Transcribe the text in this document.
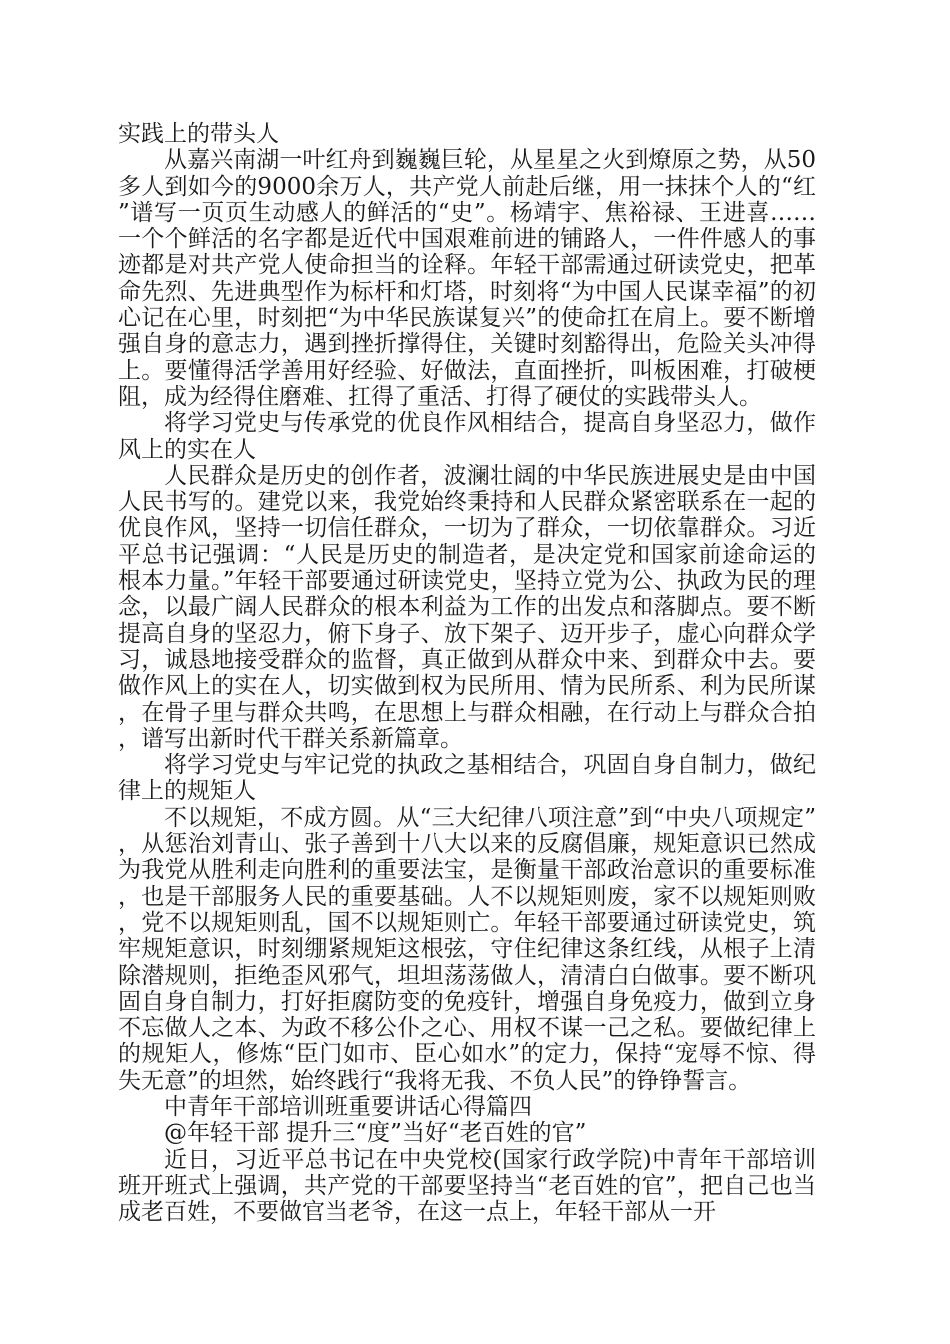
实践上的带头人

从嘉兴南湖一叶红舟到巍巍巨轮，从星星之火到燎原之势，从50多人到如今的9000余万人，共产党人前赴后继，用一抹抹个人的“红”谱写一页页生动感人的鲜活的“史”。杨靖宇、焦裕禄、王进喜……一个个鲜活的名字都是近代中国艰难前进的铺路人，一件件感人的事迹都是对共产党人使命担当的诠释。年轻干部需通过研读党史，把革命先烈、先进典型作为标杆和灯塔，时刻将“为中国人民谋幸福”的初心记在心里，时刻把“为中华民族谋复兴”的使命扛在肩上。要不断增强自身的意志力，遇到挫折撑得住，关键时刻豁得出，危险关头冲得上。要懂得活学善用好经验、好做法，直面挫折，叫板困难，打破梗阻，成为经得住磨难、扛得了重活、打得了硬仗的实践带头人。

将学习党史与传承党的优良作风相结合，提高自身坚忍力，做作风上的实在人

人民群众是历史的创作者，波澜壮阔的中华民族进展史是由中国人民书写的。建党以来，我党始终秉持和人民群众紧密联系在一起的优良作风，坚持一切信任群众，一切为了群众，一切依靠群众。习近平总书记强调：“人民是历史的制造者，是决定党和国家前途命运的根本力量。”年轻干部要通过研读党史，坚持立党为公、执政为民的理念，以最广阔人民群众的根本利益为工作的出发点和落脚点。要不断提高自身的坚忍力，俯下身子、放下架子、迈开步子，虚心向群众学习，诚恳地接受群众的监督，真正做到从群众中来、到群众中去。要做作风上的实在人，切实做到权为民所用、情为民所系、利为民所谋，在骨子里与群众共鸣，在思想上与群众相融，在行动上与群众合拍，谱写出新时代干群关系新篇章。

将学习党史与牢记党的执政之基相结合，巩固自身自制力，做纪律上的规矩人

不以规矩，不成方圆。从“三大纪律八项注意”到“中央八项规定”，从惩治刘青山、张子善到十八大以来的反腐倡廉，规矩意识已然成为我党从胜利走向胜利的重要法宝，是衡量干部政治意识的重要标准，也是干部服务人民的重要基础。人不以规矩则废，家不以规矩则败，党不以规矩则乱，国不以规矩则亡。年轻干部要通过研读党史，筑牢规矩意识，时刻绷紧规矩这根弦，守住纪律这条红线，从根子上清除潜规则，拒绝歪风邪气，坦坦荡荡做人，清清白白做事。要不断巩固自身自制力，打好拒腐防变的免疫针，增强自身免疫力，做到立身不忘做人之本、为政不移公仆之心、用权不谋一己之私。要做纪律上的规矩人，修炼“臣门如市、臣心如水”的定力，保持“宠辱不惊、得失无意”的坦然，始终践行“我将无我、不负人民”的铮铮誓言。

中青年干部培训班重要讲话心得篇四

@年轻干部 提升三“度”当好“老百姓的官”

近日，习近平总书记在中央党校(国家行政学院)中青年干部培训班开班式上强调，共产党的干部要坚持当“老百姓的官”，把自己也当成老百姓，不要做官当老爷，在这一点上，年轻干部从一开
